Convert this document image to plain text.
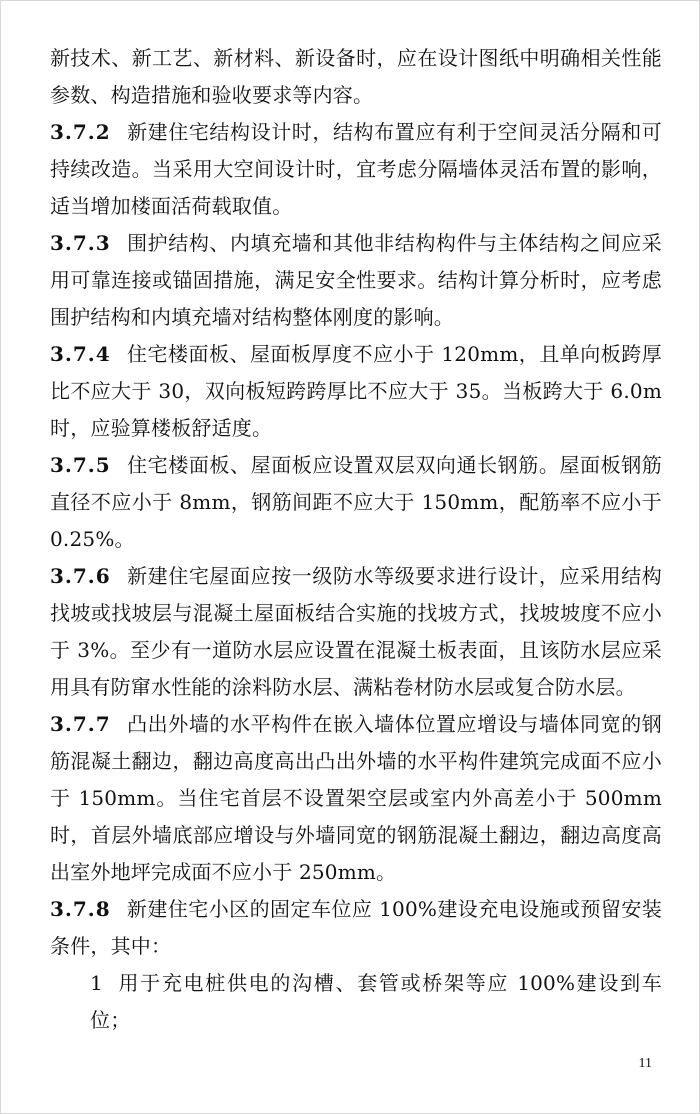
新技术、新工艺、新材料、新设备时，应在设计图纸中明确相关性能参数、构造措施和验收要求等内容。

3.7.2 新建住宅结构设计时，结构布置应有利于空间灵活分隔和可持续改造。当采用大空间设计时，宜考虑分隔墙体灵活布置的影响，适当增加楼面活荷载取值。

3.7.3 围护结构、内填充墙和其他非结构构件与主体结构之间应采用可靠连接或锚固措施，满足安全性要求。结构计算分析时，应考虑围护结构和内填充墙对结构整体刚度的影响。

3.7.4 住宅楼面板、屋面板厚度不应小于 120mm，且单向板跨厚比不应大于 30，双向板短跨跨厚比不应大于 35。当板跨大于 6.0m 时，应验算楼板舒适度。

3.7.5 住宅楼面板、屋面板应设置双层双向通长钢筋。屋面板钢筋直径不应小于 8mm，钢筋间距不应大于 150mm，配筋率不应小于 0.25%。

3.7.6 新建住宅屋面应按一级防水等级要求进行设计，应采用结构找坡或找坡层与混凝土屋面板结合实施的找坡方式，找坡坡度不应小于 3%。至少有一道防水层应设置在混凝土板表面，且该防水层应采用具有防窜水性能的涂料防水层、满粘卷材防水层或复合防水层。

3.7.7 凸出外墙的水平构件在嵌入墙体位置应增设与墙体同宽的钢筋混凝土翻边，翻边高度高出凸出外墙的水平构件建筑完成面不应小于 150mm。当住宅首层不设置架空层或室内外高差小于 500mm 时，首层外墙底部应增设与外墙同宽的钢筋混凝土翻边，翻边高度高出室外地坪完成面不应小于 250mm。

3.7.8 新建住宅小区的固定车位应 100%建设充电设施或预留安装条件，其中：

1 用于充电桩供电的沟槽、套管或桥架等应 100%建设到车位；

11
